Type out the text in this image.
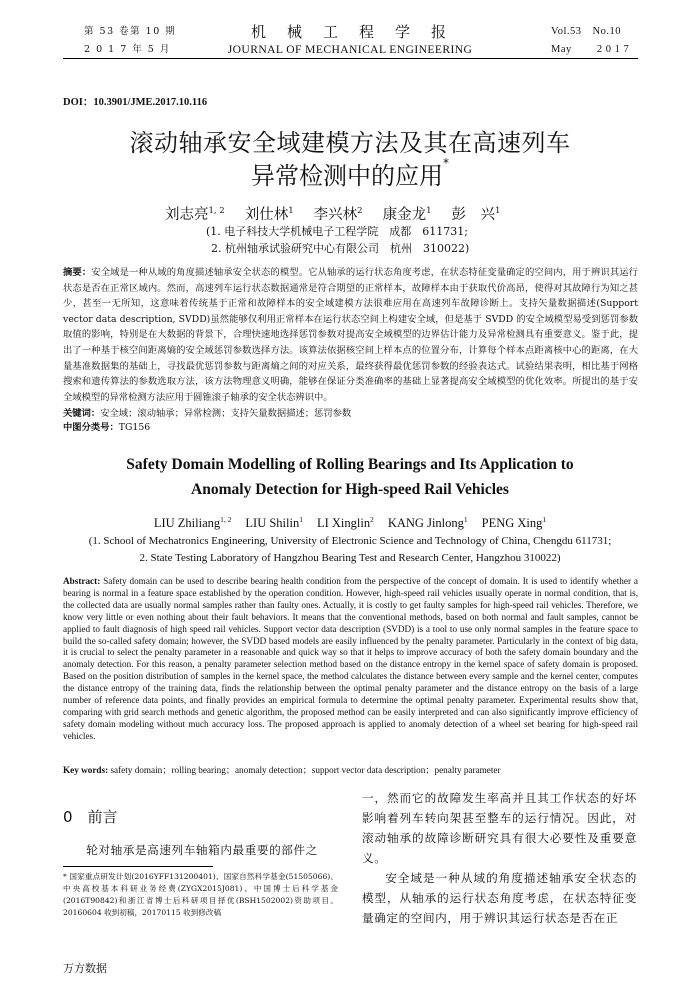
第 53 卷第 10 期
2 0 1 7 年 5 月
机　械　工　程　学　报
JOURNAL OF MECHANICAL ENGINEERING
Vol.53　No.10
May　　 2 0 1 7
DOI：10.3901/JME.2017.10.116
滚动轴承安全域建模方法及其在高速列车
异常检测中的应用*
刘志亮$^{1, 2}$ 刘仕林$^1$ 李兴林$^2$ 康金龙$^1$ 彭　兴$^1$
(1. 电子科技大学机械电子工程学院　成都　611731;
2. 杭州轴承试验研究中心有限公司　杭州　310022)
摘要：安全域是一种从域的角度描述轴承安全状态的模型。它从轴承的运行状态角度考虑，在状态特征变量确定的空间内，用于辨识其运行状态是否在正常区域内。然而，高速列车运行状态数据通常是符合期望的正常样本，故障样本由于获取代价高昂，使得对其故障行为知之甚少，甚至一无所知，这意味着传统基于正常和故障样本的安全域建模方法很难应用在高速列车故障诊断上。支持矢量数据描述(Support vector data description, SVDD)虽然能够仅利用正常样本在运行状态空间上构建安全域，但是基于 SVDD 的安全域模型易受到惩罚参数取值的影响，特别是在大数据的背景下，合理快速地选择惩罚参数对提高安全域模型的边界估计能力及异常检测具有重要意义。鉴于此，提出了一种基于核空间距离熵的安全域惩罚参数选择方法。该算法依据核空间上样本点的位置分布，计算每个样本点距离核中心的距离，在大量基准数据集的基础上，寻找最优惩罚参数与距离熵之间的对应关系，最终获得最优惩罚参数的经验表达式。试验结果表明，相比基于网格搜索和遗传算法的参数选取方法，该方法物理意义明确，能够在保证分类准确率的基础上显著提高安全域模型的优化效率。所提出的基于安全域模型的异常检测方法应用于圆锥滚子轴承的安全状态辨识中。
关键词：安全域；滚动轴承；异常检测；支持矢量数据描述；惩罚参数
中图分类号：TG156
Safety Domain Modelling of Rolling Bearings and Its Application to
Anomaly Detection for High-speed Rail Vehicles
LIU Zhiliang$^{1, 2}$ LIU Shilin$^1$ LI Xinglin$^2$ KANG Jinlong$^1$ PENG Xing$^1$
(1. School of Mechatronics Engineering, University of Electronic Science and Technology of China, Chengdu 611731;
2. State Testing Laboratory of Hangzhou Bearing Test and Research Center, Hangzhou 310022)
Abstract: Safety domain can be used to describe bearing health condition from the perspective of the concept of domain. It is used to identify whether a bearing is normal in a feature space established by the operation condition. However, high-speed rail vehicles usually operate in normal condition, that is, the collected data are usually normal samples rather than faulty ones. Actually, it is costly to get faulty samples for high-speed rail vehicles. Therefore, we know very little or even nothing about their fault behaviors. It means that the conventional methods, based on both normal and fault samples, cannot be applied to fault diagnosis of high speed rail vehicles. Support vector data description (SVDD) is a tool to use only normal samples in the feature space to build the so-called safety domain; however, the SVDD based models are easily influenced by the penalty parameter. Particularly in the context of big data, it is crucial to select the penalty parameter in a reasonable and quick way so that it helps to improve accuracy of both the safety domain boundary and the anomaly detection. For this reason, a penalty parameter selection method based on the distance entropy in the kernel space of safety domain is proposed. Based on the position distribution of samples in the kernel space, the method calculates the distance between every sample and the kernel center, computes the distance entropy of the training data, finds the relationship between the optimal penalty parameter and the distance entropy on the basis of a large number of reference data points, and finally provides an empirical formula to determine the optimal penalty parameter. Experimental results show that, comparing with grid search methods and genetic algorithm, the proposed method can be easily interpreted and can also significantly improve efficiency of safety domain modeling without much accuracy loss. The proposed approach is applied to anomaly detection of a wheel set bearing for high-speed rail vehicles.
Key words: safety domain；rolling bearing；anomaly detection；support vector data description；penalty parameter
0　前言
轮对轴承是高速列车轴箱内最重要的部件之
* 国家重点研发计划(2016YFF131200401)、国家自然科学基金(51505066)、中央高校基本科研业务经费(ZYGX2015J081)、中国博士后科学基金(2016T90842)和浙江省博士后科研项目择优(BSH1502002)资助项目。20160604 收到初稿，20170115 收到修改稿
一，然而它的故障发生率高并且其工作状态的好坏影响着列车转向架甚至整车的运行情况。因此，对滚动轴承的故障诊断研究具有很大必要性及重要意义。
安全域是一种从域的角度描述轴承安全状态的模型，从轴承的运行状态角度考虑，在状态特征变量确定的空间内，用于辨识其运行状态是否在正
万方数据
